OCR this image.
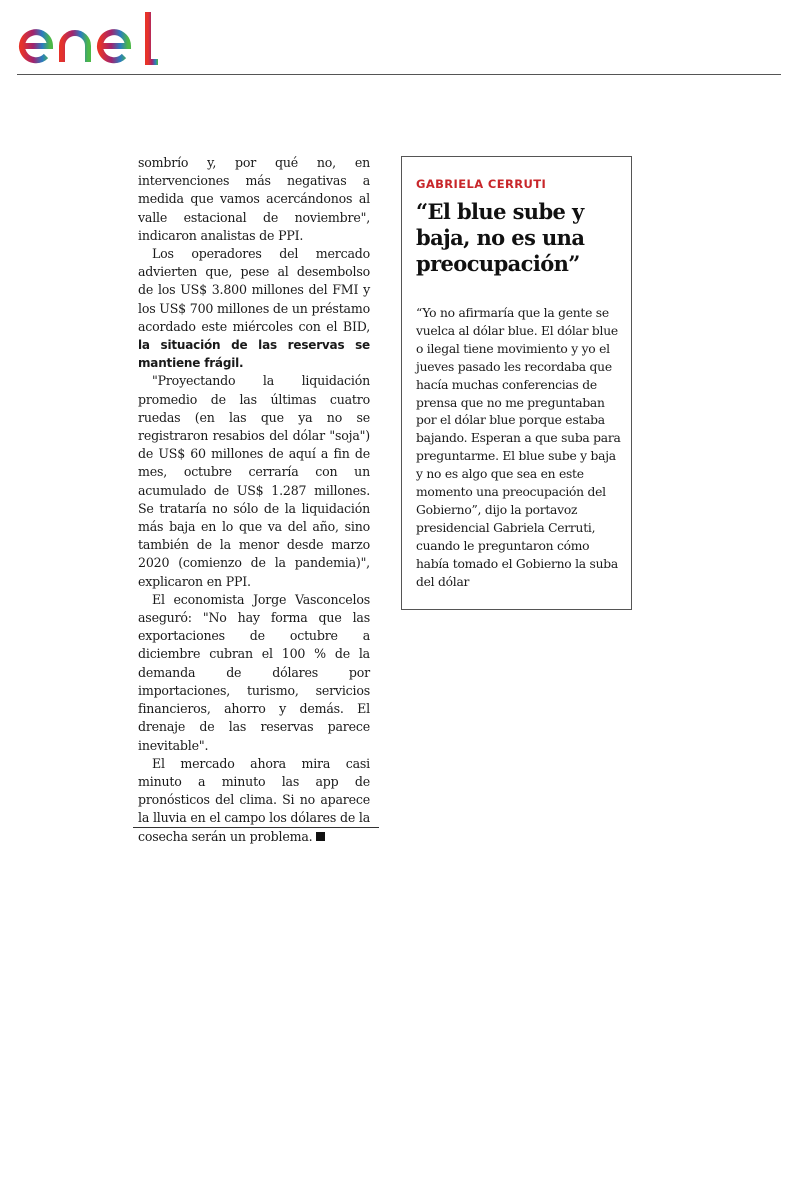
sombrío y, por qué no, en intervenciones más negativas a medida que vamos acercándonos al valle estacional de noviembre", indicaron analistas de PPI.

Los operadores del mercado advierten que, pese al desembolso de los US$ 3.800 millones del FMI y los US$ 700 millones de un préstamo acordado este miércoles con el BID, la situación de las reservas se mantiene frágil.

"Proyectando la liquidación promedio de las últimas cuatro ruedas (en las que ya no se registraron resabios del dólar "soja") de US$ 60 millones de aquí a fin de mes, octubre cerraría con un acumulado de US$ 1.287 millones. Se trataría no sólo de la liquidación más baja en lo que va del año, sino también de la menor desde marzo 2020 (comienzo de la pandemia)", explicaron en PPI.

El economista Jorge Vasconcelos aseguró: "No hay forma que las exportaciones de octubre a diciembre cubran el 100 % de la demanda de dólares por importaciones, turismo, servicios financieros, ahorro y demás. El drenaje de las reservas parece inevitable".

El mercado ahora mira casi minuto a minuto las app de pronósticos del clima. Si no aparece la lluvia en el campo los dólares de la cosecha serán un problema.

GABRIELA CERRUTI
“El blue sube y baja, no es una preocupación”

“Yo no afirmaría que la gente se vuelca al dólar blue. El dólar blue o ilegal tiene movimiento y yo el jueves pasado les recordaba que hacía muchas conferencias de prensa que no me preguntaban por el dólar blue porque estaba bajando. Esperan a que suba para preguntarme. El blue sube y baja y no es algo que sea en este momento una preocupación del Gobierno”, dijo la portavoz presidencial Gabriela Cerruti, cuando le preguntaron cómo había tomado el Gobierno la suba del dólar
